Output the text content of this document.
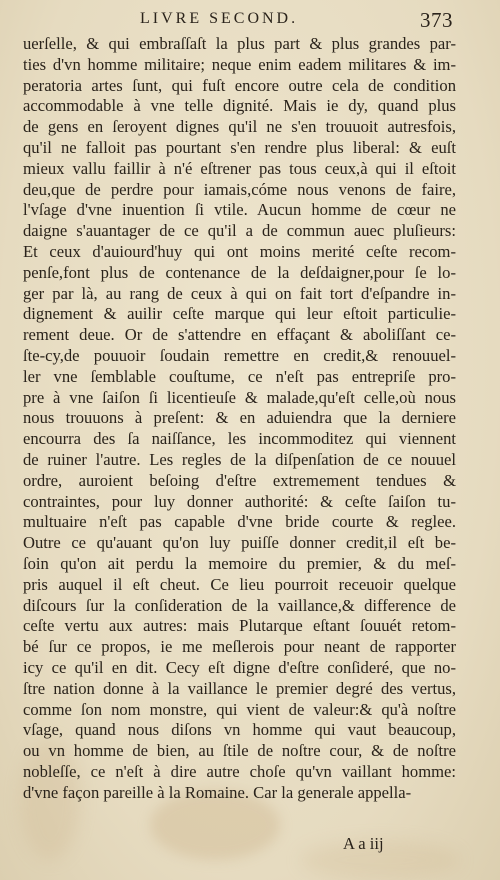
LIVRE SECOND.	373
uerſelle, & qui embraſſaſt la plus part & plus grandes par-
ties d'vn homme militaire; neque enim eadem militares & im-
peratoria artes ſunt, qui fuſt encore outre cela de condition
accommodable à vne telle dignité. Mais ie dy, quand plus
de gens en ſeroyent dignes qu'il ne s'en trouuoit autresfois,
qu'il ne falloit pas pourtant s'en rendre plus liberal: & euſt
mieux vallu faillir à n'é eſtrener pas tous ceux,à qui il eſtoit
deu,que de perdre pour iamais,cóme nous venons de faire,
l'vſage d'vne inuention ſi vtile. Aucun homme de cœur ne
daigne s'auantager de ce qu'il a de commun auec pluſieurs:
Et ceux d'auiourd'huy qui ont moins merité ceſte recom-
penſe,font plus de contenance de la deſdaigner,pour ſe lo-
ger par là, au rang de ceux à qui on fait tort d'eſpandre in-
dignement & auilir ceſte marque qui leur eſtoit particulie-
rement deue. Or de s'attendre en effaçant & aboliſſant ce-
ſte-cy,de pouuoir ſoudain remettre en credit,& renouuel-
ler vne ſemblable couſtume, ce n'eſt pas entrepriſe pro-
pre à vne ſaiſon ſi licentieuſe & malade,qu'eſt celle,où nous
nous trouuons à preſent: & en aduiendra que la derniere
encourra des ſa naiſſance, les incommoditez qui viennent
de ruiner l'autre. Les regles de la diſpenſation de ce nouuel
ordre, auroient beſoing d'eſtre extremement tendues &
contraintes, pour luy donner authorité: & ceſte ſaiſon tu-
multuaire n'eſt pas capable d'vne bride courte & reglee.
Outre ce qu'auant qu'on luy puiſſe donner credit,il eſt be-
ſoin qu'on ait perdu la memoire du premier, & du meſ-
pris auquel il eſt cheut. Ce lieu pourroit receuoir quelque
diſcours ſur la conſideration de la vaillance,& difference de
ceſte vertu aux autres: mais Plutarque eſtant ſouuét retom-
bé ſur ce propos, ie me meſlerois pour neant de rapporter
icy ce qu'il en dit. Cecy eſt digne d'eſtre conſideré, que no-
ſtre nation donne à la vaillance le premier degré des vertus,
comme ſon nom monstre, qui vient de valeur:& qu'à noſtre
vſage, quand nous diſons vn homme qui vaut beaucoup,
ou vn homme de bien, au ſtile de noſtre cour, & de noſtre
nobleſſe, ce n'eſt à dire autre choſe qu'vn vaillant homme:
d'vne façon pareille à la Romaine. Car la generale appella-
A a iij
